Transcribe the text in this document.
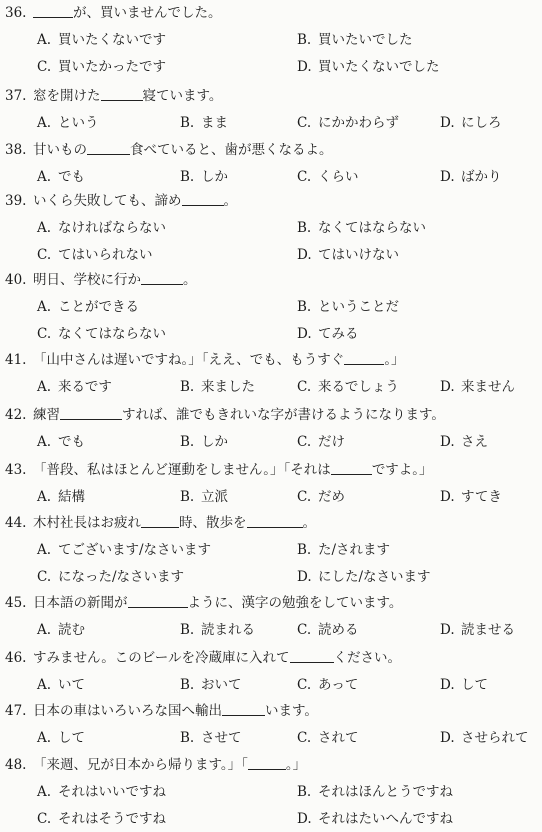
36.	が、買いませんでした。
A. 買いたくないです	B. 買いたいでした
C. 買いたかったです	D. 買いたくないでした
37. 窓を開けた	寝ています。
A. という	B. まま	C. にかかわらず	D. にしろ
38. 甘いもの	食べていると、歯が悪くなるよ。
A. でも	B. しか	C. くらい	D. ばかり
39. いくら失敗しても、諦め	。
A. なければならない	B. なくてはならない
C. てはいられない	D. てはいけない
40. 明日、学校に行か	。
A. ことができる	B. ということだ
C. なくてはならない	D. てみる
41. 「山中さんは遅いですね。」「ええ、でも、もうすぐ	。」
A. 来るです	B. 来ました	C. 来るでしょう	D. 来ません
42. 練習	すれば、誰でもきれいな字が書けるようになります。
A. でも	B. しか	C. だけ	D. さえ
43. 「普段、私はほとんど運動をしません。」「それは	ですよ。」
A. 結構	B. 立派	C. だめ	D. すてき
44. 木村社長はお疲れ	時、散歩を	。
A. てございます/なさいます	B. た/されます
C. になった/なさいます	D. にした/なさいます
45. 日本語の新聞が	ように、漢字の勉強をしています。
A. 読む	B. 読まれる	C. 読める	D. 読ませる
46. すみません。このビールを冷蔵庫に入れて	ください。
A. いて	B. おいて	C. あって	D. して
47. 日本の車はいろいろな国へ輸出	います。
A. して	B. させて	C. されて	D. させられて
48. 「来週、兄が日本から帰ります。」「	。」
A. それはいいですね	B. それはほんとうですね
C. それはそうですね	D. それはたいへんですね
